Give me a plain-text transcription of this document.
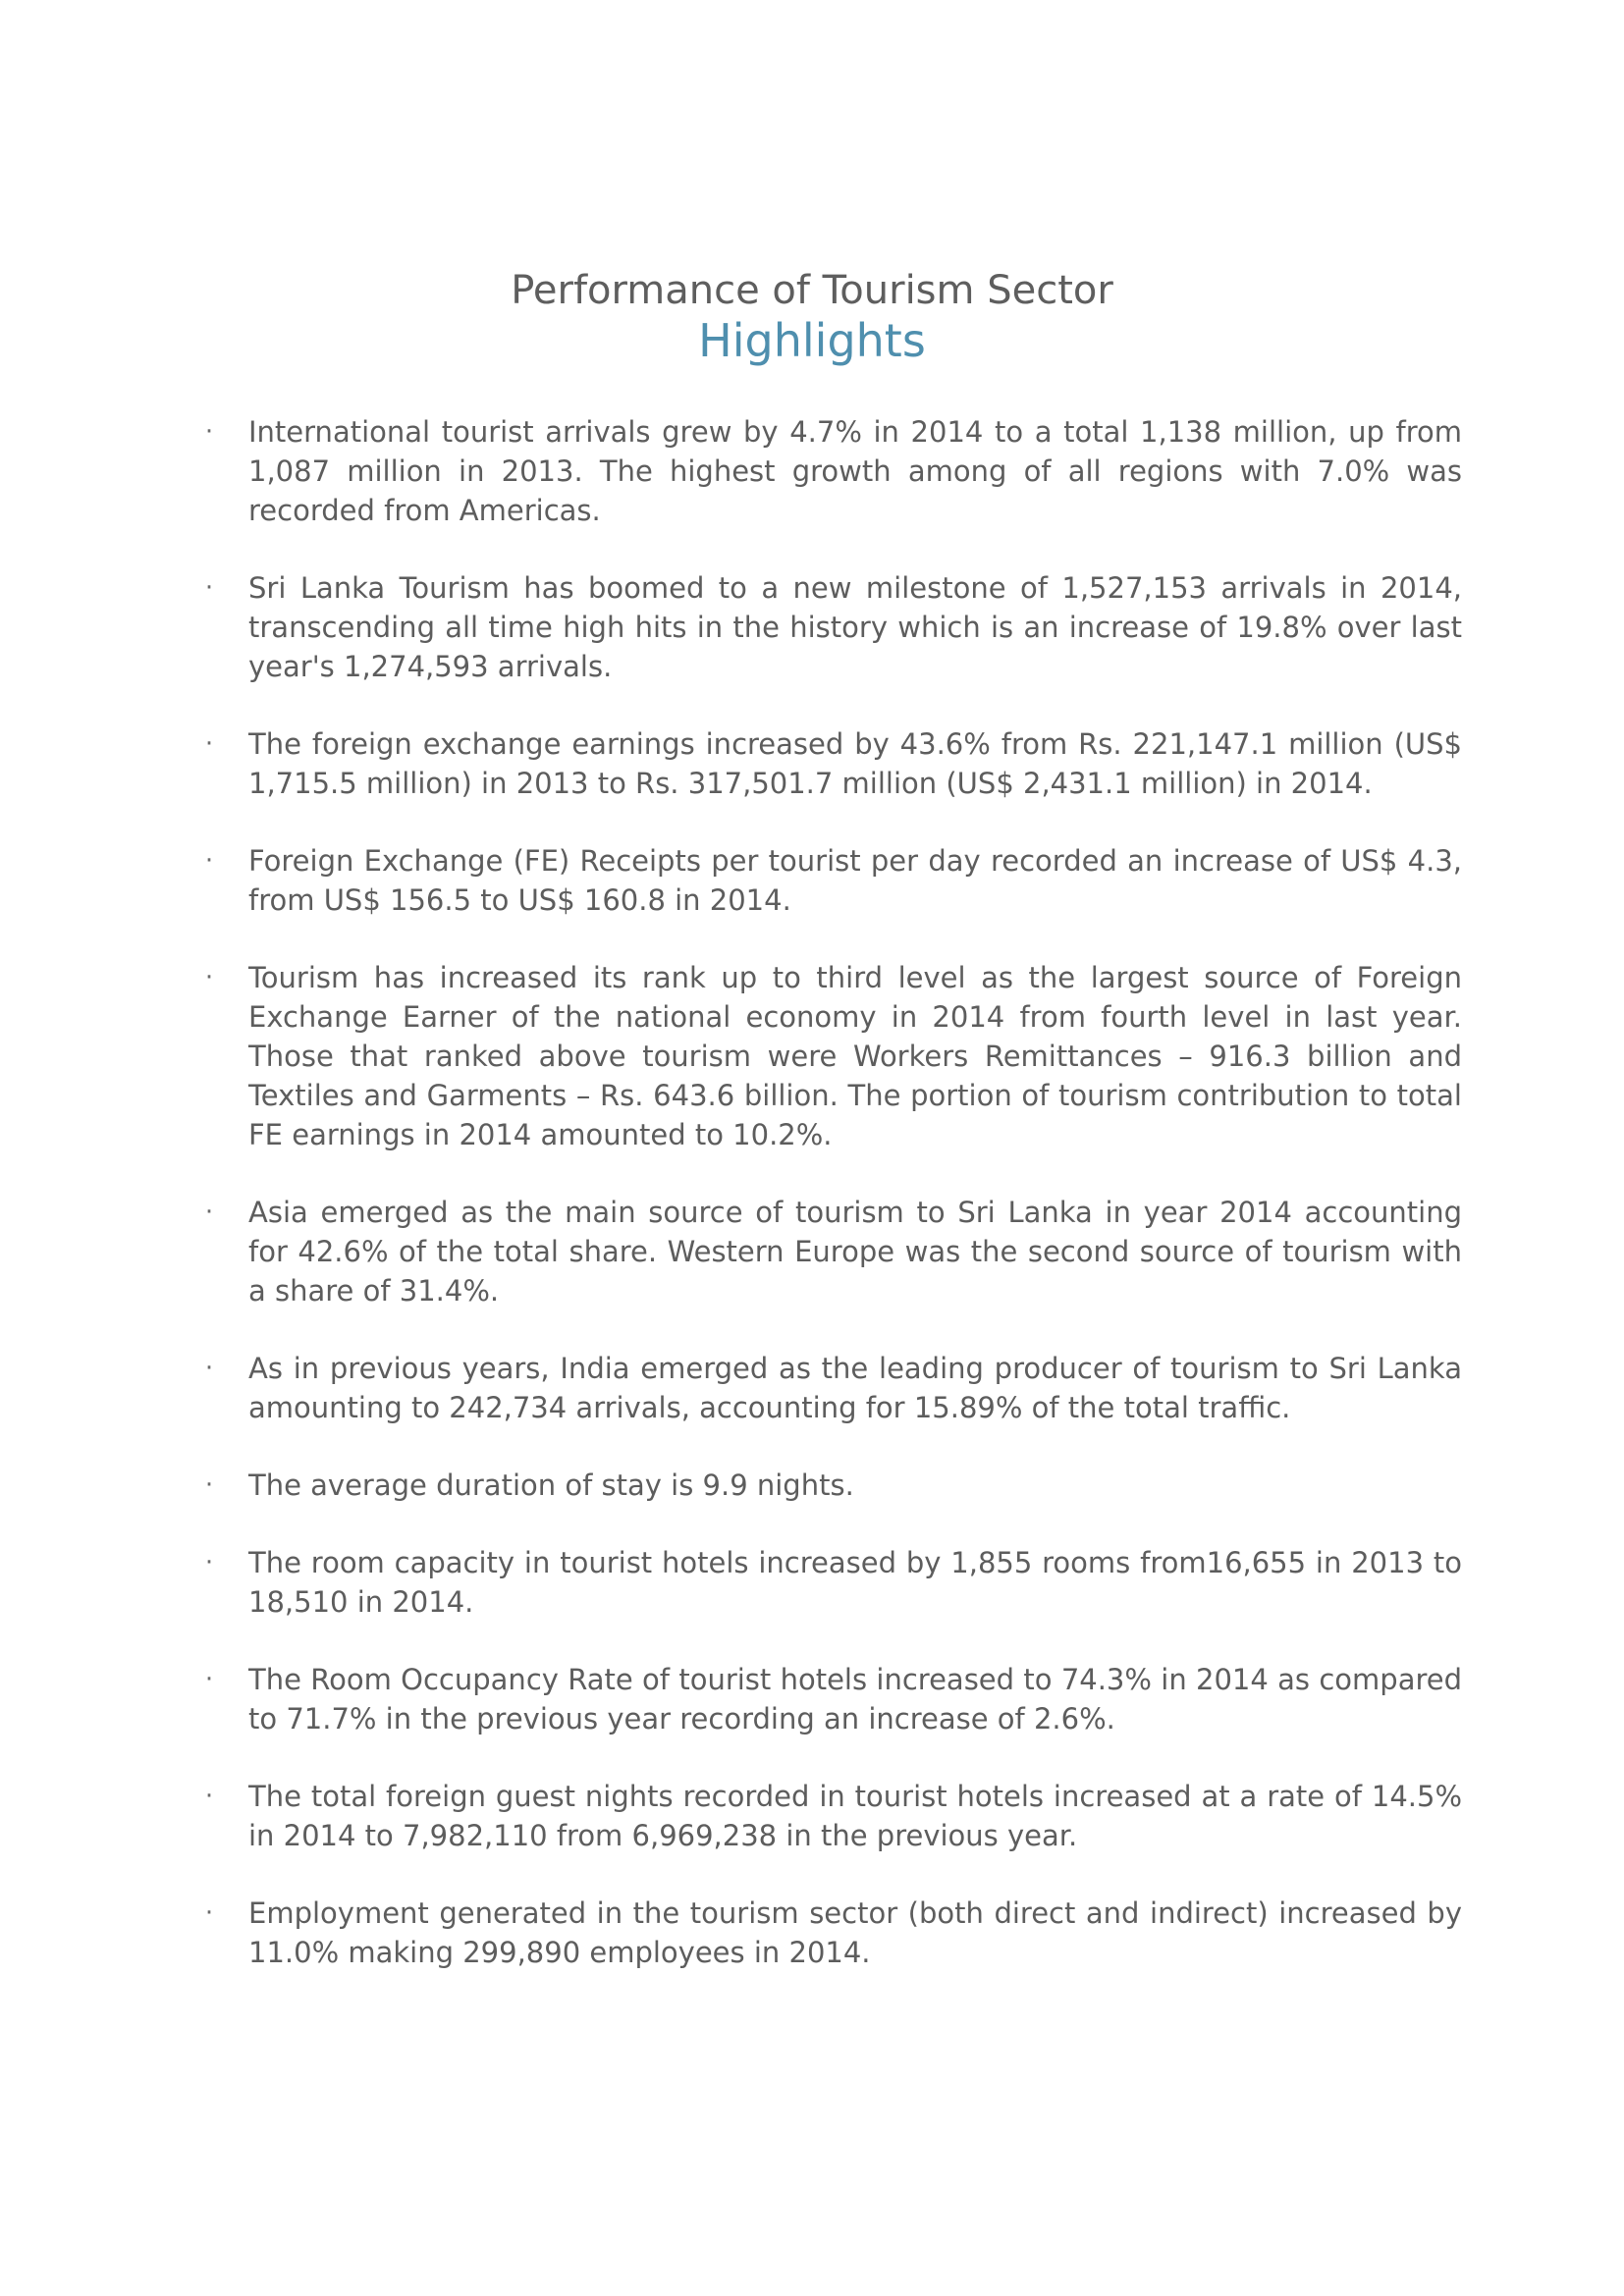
Performance of Tourism Sector
Highlights
· International tourist arrivals grew by 4.7% in 2014 to a total 1,138 million, up from 1,087 million in 2013. The highest growth among of all regions with 7.0% was recorded from Americas.
· Sri Lanka Tourism has boomed to a new milestone of 1,527,153 arrivals in 2014, transcending all time high hits in the history which is an increase of 19.8% over last year's 1,274,593 arrivals.
· The foreign exchange earnings increased by 43.6% from Rs. 221,147.1 million (US$ 1,715.5 million) in 2013 to Rs. 317,501.7 million (US$ 2,431.1 million) in 2014.
· Foreign Exchange (FE) Receipts per tourist per day recorded an increase of US$ 4.3, from US$ 156.5 to US$ 160.8 in 2014.
· Tourism has increased its rank up to third level as the largest source of Foreign Exchange Earner of the national economy in 2014 from fourth level in last year. Those that ranked above tourism were Workers Remittances – 916.3 billion and Textiles and Garments – Rs. 643.6 billion. The portion of tourism contribution to total FE earnings in 2014 amounted to 10.2%.
· Asia emerged as the main source of tourism to Sri Lanka in year 2014 accounting for 42.6% of the total share. Western Europe was the second source of tourism with a share of 31.4%.
· As in previous years, India emerged as the leading producer of tourism to Sri Lanka amounting to 242,734 arrivals, accounting for 15.89% of the total traffic.
· The average duration of stay is 9.9 nights.
· The room capacity in tourist hotels increased by 1,855 rooms from16,655 in 2013 to 18,510 in 2014.
· The Room Occupancy Rate of tourist hotels increased to 74.3% in 2014 as compared to 71.7% in the previous year recording an increase of 2.6%.
· The total foreign guest nights recorded in tourist hotels increased at a rate of 14.5% in 2014 to 7,982,110 from 6,969,238 in the previous year.
· Employment generated in the tourism sector (both direct and indirect) increased by 11.0% making 299,890 employees in 2014.
